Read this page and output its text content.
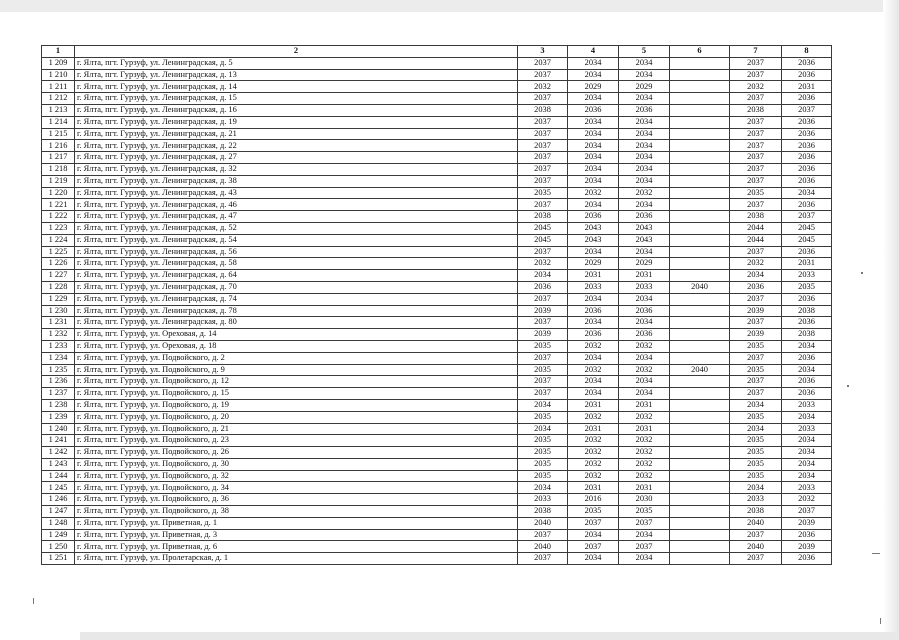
1	2	3	4	5	6	7	8
1 209	г. Ялта, пгт. Гурзуф, ул. Ленинградская, д. 5	2037	2034	2034		2037	2036
1 210	г. Ялта, пгт. Гурзуф, ул. Ленинградская, д. 13	2037	2034	2034		2037	2036
1 211	г. Ялта, пгт. Гурзуф, ул. Ленинградская, д. 14	2032	2029	2029		2032	2031
1 212	г. Ялта, пгт. Гурзуф, ул. Ленинградская, д. 15	2037	2034	2034		2037	2036
1 213	г. Ялта, пгт. Гурзуф, ул. Ленинградская, д. 16	2038	2036	2036		2038	2037
1 214	г. Ялта, пгт. Гурзуф, ул. Ленинградская, д. 19	2037	2034	2034		2037	2036
1 215	г. Ялта, пгт. Гурзуф, ул. Ленинградская, д. 21	2037	2034	2034		2037	2036
1 216	г. Ялта, пгт. Гурзуф, ул. Ленинградская, д. 22	2037	2034	2034		2037	2036
1 217	г. Ялта, пгт. Гурзуф, ул. Ленинградская, д. 27	2037	2034	2034		2037	2036
1 218	г. Ялта, пгт. Гурзуф, ул. Ленинградская, д. 32	2037	2034	2034		2037	2036
1 219	г. Ялта, пгт. Гурзуф, ул. Ленинградская, д. 38	2037	2034	2034		2037	2036
1 220	г. Ялта, пгт. Гурзуф, ул. Ленинградская, д. 43	2035	2032	2032		2035	2034
1 221	г. Ялта, пгт. Гурзуф, ул. Ленинградская, д. 46	2037	2034	2034		2037	2036
1 222	г. Ялта, пгт. Гурзуф, ул. Ленинградская, д. 47	2038	2036	2036		2038	2037
1 223	г. Ялта, пгт. Гурзуф, ул. Ленинградская, д. 52	2045	2043	2043		2044	2045
1 224	г. Ялта, пгт. Гурзуф, ул. Ленинградская, д. 54	2045	2043	2043		2044	2045
1 225	г. Ялта, пгт. Гурзуф, ул. Ленинградская, д. 56	2037	2034	2034		2037	2036
1 226	г. Ялта, пгт. Гурзуф, ул. Ленинградская, д. 58	2032	2029	2029		2032	2031
1 227	г. Ялта, пгт. Гурзуф, ул. Ленинградская, д. 64	2034	2031	2031		2034	2033
1 228	г. Ялта, пгт. Гурзуф, ул. Ленинградская, д. 70	2036	2033	2033	2040	2036	2035
1 229	г. Ялта, пгт. Гурзуф, ул. Ленинградская, д. 74	2037	2034	2034		2037	2036
1 230	г. Ялта, пгт. Гурзуф, ул. Ленинградская, д. 78	2039	2036	2036		2039	2038
1 231	г. Ялта, пгт. Гурзуф, ул. Ленинградская, д. 80	2037	2034	2034		2037	2036
1 232	г. Ялта, пгт. Гурзуф, ул. Ореховая, д. 14	2039	2036	2036		2039	2038
1 233	г. Ялта, пгт. Гурзуф, ул. Ореховая, д. 18	2035	2032	2032		2035	2034
1 234	г. Ялта, пгт. Гурзуф, ул. Подвойского, д. 2	2037	2034	2034		2037	2036
1 235	г. Ялта, пгт. Гурзуф, ул. Подвойского, д. 9	2035	2032	2032	2040	2035	2034
1 236	г. Ялта, пгт. Гурзуф, ул. Подвойского, д. 12	2037	2034	2034		2037	2036
1 237	г. Ялта, пгт. Гурзуф, ул. Подвойского, д. 15	2037	2034	2034		2037	2036
1 238	г. Ялта, пгт. Гурзуф, ул. Подвойского, д. 19	2034	2031	2031		2034	2033
1 239	г. Ялта, пгт. Гурзуф, ул. Подвойского, д. 20	2035	2032	2032		2035	2034
1 240	г. Ялта, пгт. Гурзуф, ул. Подвойского, д. 21	2034	2031	2031		2034	2033
1 241	г. Ялта, пгт. Гурзуф, ул. Подвойского, д. 23	2035	2032	2032		2035	2034
1 242	г. Ялта, пгт. Гурзуф, ул. Подвойского, д. 26	2035	2032	2032		2035	2034
1 243	г. Ялта, пгт. Гурзуф, ул. Подвойского, д. 30	2035	2032	2032		2035	2034
1 244	г. Ялта, пгт. Гурзуф, ул. Подвойского, д. 32	2035	2032	2032		2035	2034
1 245	г. Ялта, пгт. Гурзуф, ул. Подвойского, д. 34	2034	2031	2031		2034	2033
1 246	г. Ялта, пгт. Гурзуф, ул. Подвойского, д. 36	2033	2016	2030		2033	2032
1 247	г. Ялта, пгт. Гурзуф, ул. Подвойского, д. 38	2038	2035	2035		2038	2037
1 248	г. Ялта, пгт. Гурзуф, ул. Приветная, д. 1	2040	2037	2037		2040	2039
1 249	г. Ялта, пгт. Гурзуф, ул. Приветная, д. 3	2037	2034	2034		2037	2036
1 250	г. Ялта, пгт. Гурзуф, ул. Приветная, д. 6	2040	2037	2037		2040	2039
1 251	г. Ялта, пгт. Гурзуф, ул. Пролетарская, д. 1	2037	2034	2034		2037	2036
